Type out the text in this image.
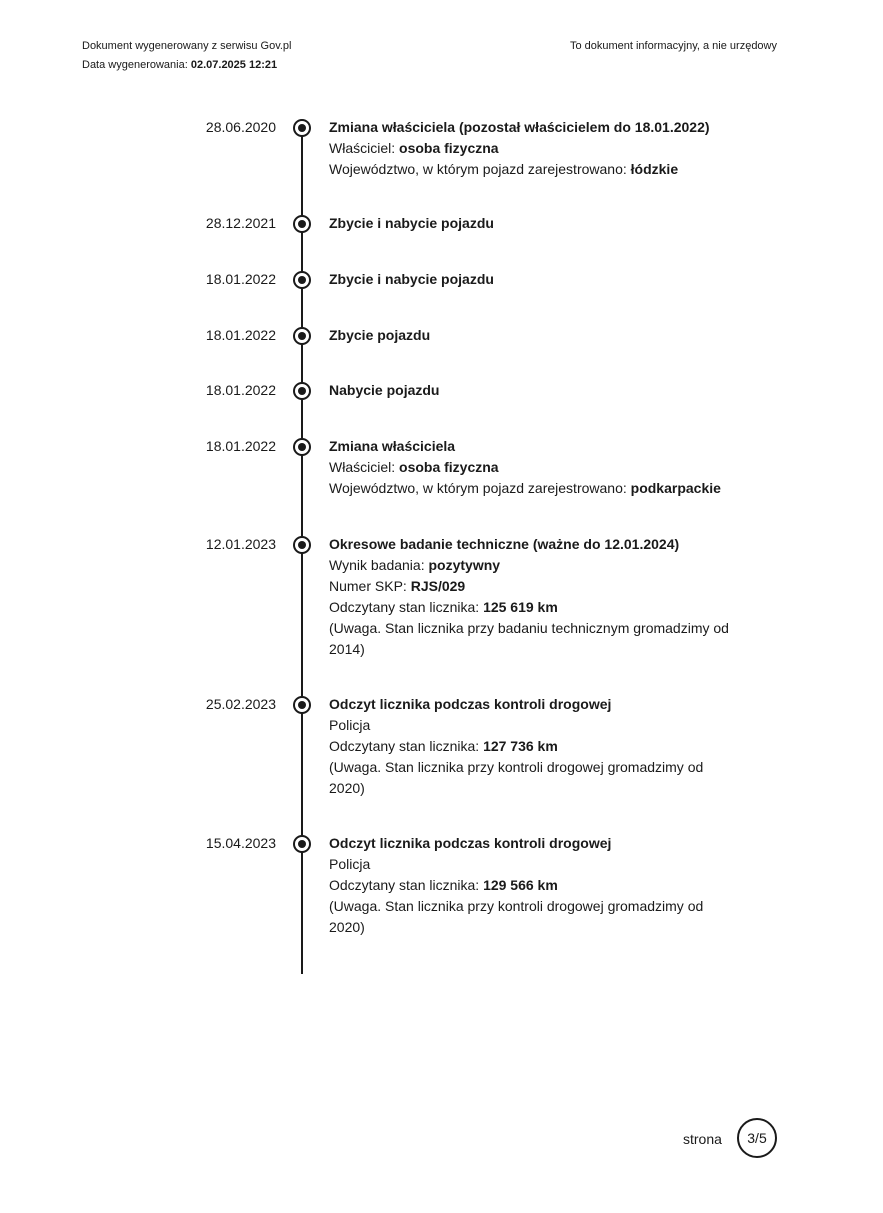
Dokument wygenerowany z serwisu Gov.pl
Data wygenerowania: 02.07.2025 12:21
To dokument informacyjny, a nie urzędowy
28.06.2020	Zmiana właściciela (pozostał właścicielem do 18.01.2022)
Właściciel: osoba fizyczna
Województwo, w którym pojazd zarejestrowano: łódzkie
28.12.2021	Zbycie i nabycie pojazdu
18.01.2022	Zbycie i nabycie pojazdu
18.01.2022	Zbycie pojazdu
18.01.2022	Nabycie pojazdu
18.01.2022	Zmiana właściciela
Właściciel: osoba fizyczna
Województwo, w którym pojazd zarejestrowano: podkarpackie
12.01.2023	Okresowe badanie techniczne (ważne do 12.01.2024)
Wynik badania: pozytywny
Numer SKP: RJS/029
Odczytany stan licznika: 125 619 km
(Uwaga. Stan licznika przy badaniu technicznym gromadzimy od
2014)
25.02.2023	Odczyt licznika podczas kontroli drogowej
Policja
Odczytany stan licznika: 127 736 km
(Uwaga. Stan licznika przy kontroli drogowej gromadzimy od
2020)
15.04.2023	Odczyt licznika podczas kontroli drogowej
Policja
Odczytany stan licznika: 129 566 km
(Uwaga. Stan licznika przy kontroli drogowej gromadzimy od
2020)
strona	3/5
